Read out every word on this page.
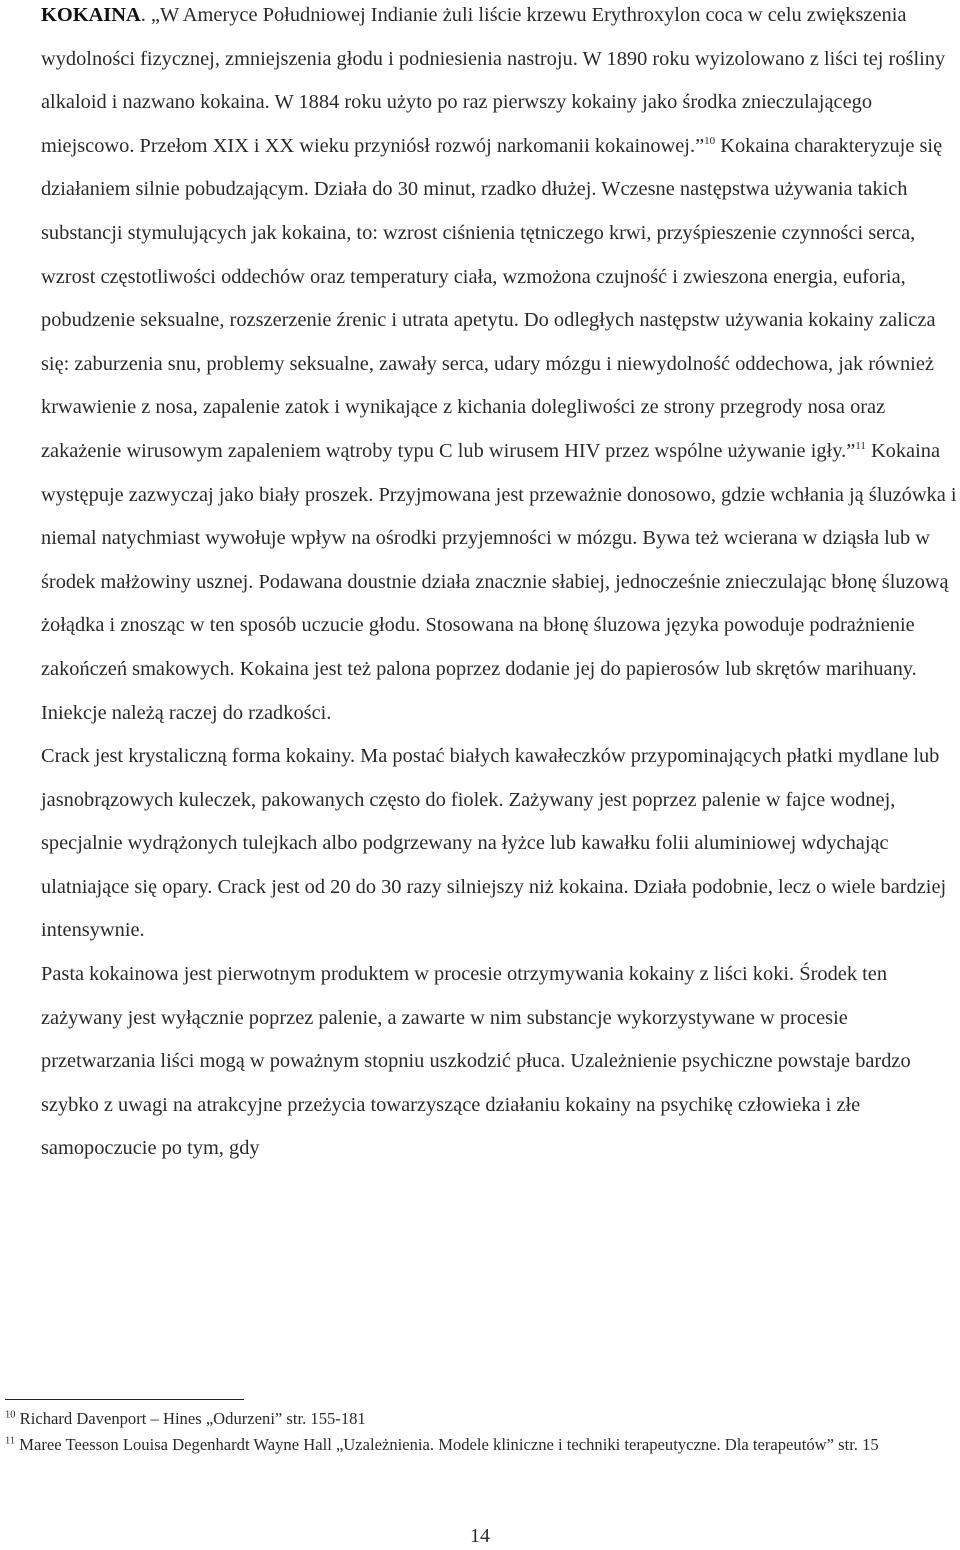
KOKAINA. „W Ameryce Południowej Indianie żuli liście krzewu Erythroxylon coca w celu zwiększenia wydolności fizycznej, zmniejszenia głodu i podniesienia nastroju. W 1890 roku wyizolowano z liści tej rośliny alkaloid i nazwano kokaina. W 1884 roku użyto po raz pierwszy kokainy jako środka znieczulającego miejscowo. Przełom XIX i XX wieku przyniósł rozwój narkomanii kokainowej.”$^{10}$ Kokaina charakteryzuje się działaniem silnie pobudzającym. Działa do 30 minut, rzadko dłużej. Wczesne następstwa używania takich substancji stymulujących jak kokaina, to: wzrost ciśnienia tętniczego krwi, przyśpieszenie czynności serca, wzrost częstotliwości oddechów oraz temperatury ciała, wzmożona czujność i zwieszona energia, euforia, pobudzenie seksualne, rozszerzenie źrenic i utrata apetytu. Do odległych następstw używania kokainy zalicza się: zaburzenia snu, problemy seksualne, zawały serca, udary mózgu i niewydolność oddechowa, jak również krwawienie z nosa, zapalenie zatok i wynikające z kichania dolegliwości ze strony przegrody nosa oraz zakażenie wirusowym zapaleniem wątroby typu C lub wirusem HIV przez wspólne używanie igły.”$^{11}$ Kokaina występuje zazwyczaj jako biały proszek. Przyjmowana jest przeważnie donosowo, gdzie wchłania ją śluzówka i niemal natychmiast wywołuje wpływ na ośrodki przyjemności w mózgu. Bywa też wcierana w dziąsła lub w środek małżowiny usznej. Podawana doustnie działa znacznie słabiej, jednocześnie znieczulając błonę śluzową żołądka i znosząc w ten sposób uczucie głodu. Stosowana na błonę śluzowa języka powoduje podrażnienie zakończeń smakowych. Kokaina jest też palona poprzez dodanie jej do papierosów lub skrętów marihuany. Iniekcje należą raczej do rzadkości.

Crack jest krystaliczną forma kokainy. Ma postać białych kawałeczków przypominających płatki mydlane lub jasnobrązowych kuleczek, pakowanych często do fiolek. Zażywany jest poprzez palenie w fajce wodnej, specjalnie wydrążonych tulejkach albo podgrzewany na łyżce lub kawałku folii aluminiowej wdychając ulatniające się opary. Crack jest od 20 do 30 razy silniejszy niż kokaina. Działa podobnie, lecz o wiele bardziej intensywnie.

Pasta kokainowa jest pierwotnym produktem w procesie otrzymywania kokainy z liści koki. Środek ten zażywany jest wyłącznie poprzez palenie, a zawarte w nim substancje wykorzystywane w procesie przetwarzania liści mogą w poważnym stopniu uszkodzić płuca. Uzależnienie psychiczne powstaje bardzo szybko z uwagi na atrakcyjne przeżycia towarzyszące działaniu kokainy na psychikę człowieka i złe samopoczucie po tym, gdy

$^{10}$ Richard Davenport – Hines „Odurzeni” str. 155-181

$^{11}$ Maree Teesson Louisa Degenhardt Wayne Hall „Uzależnienia. Modele kliniczne i techniki terapeutyczne. Dla terapeutów” str. 15

14
